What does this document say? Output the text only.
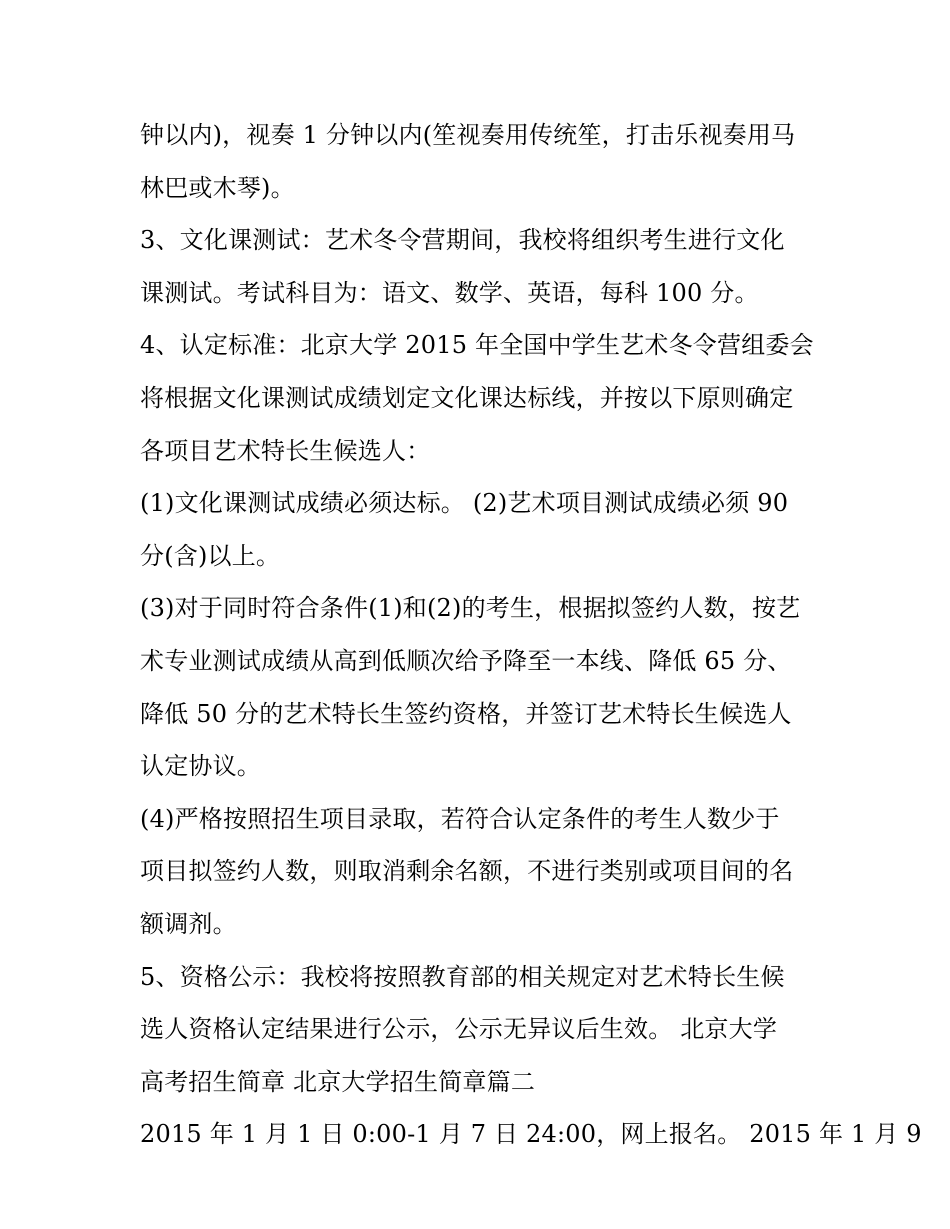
钟以内)，视奏 1 分钟以内(笙视奏用传统笙，打击乐视奏用马
林巴或木琴)。
3、文化课测试：艺术冬令营期间，我校将组织考生进行文化
课测试。考试科目为：语文、数学、英语，每科 100 分。
4、认定标准：北京大学 2015 年全国中学生艺术冬令营组委会
将根据文化课测试成绩划定文化课达标线，并按以下原则确定
各项目艺术特长生候选人：
(1)文化课测试成绩必须达标。 (2)艺术项目测试成绩必须 90
分(含)以上。
(3)对于同时符合条件(1)和(2)的考生，根据拟签约人数，按艺
术专业测试成绩从高到低顺次给予降至一本线、降低 65 分、
降低 50 分的艺术特长生签约资格，并签订艺术特长生候选人
认定协议。
(4)严格按照招生项目录取，若符合认定条件的考生人数少于
项目拟签约人数，则取消剩余名额，不进行类别或项目间的名
额调剂。
5、资格公示：我校将按照教育部的相关规定对艺术特长生候
选人资格认定结果进行公示，公示无异议后生效。 北京大学
高考招生简章 北京大学招生简章篇二
2015 年 1 月 1 日 0:00-1 月 7 日 24:00，网上报名。 2015 年 1 月 9
